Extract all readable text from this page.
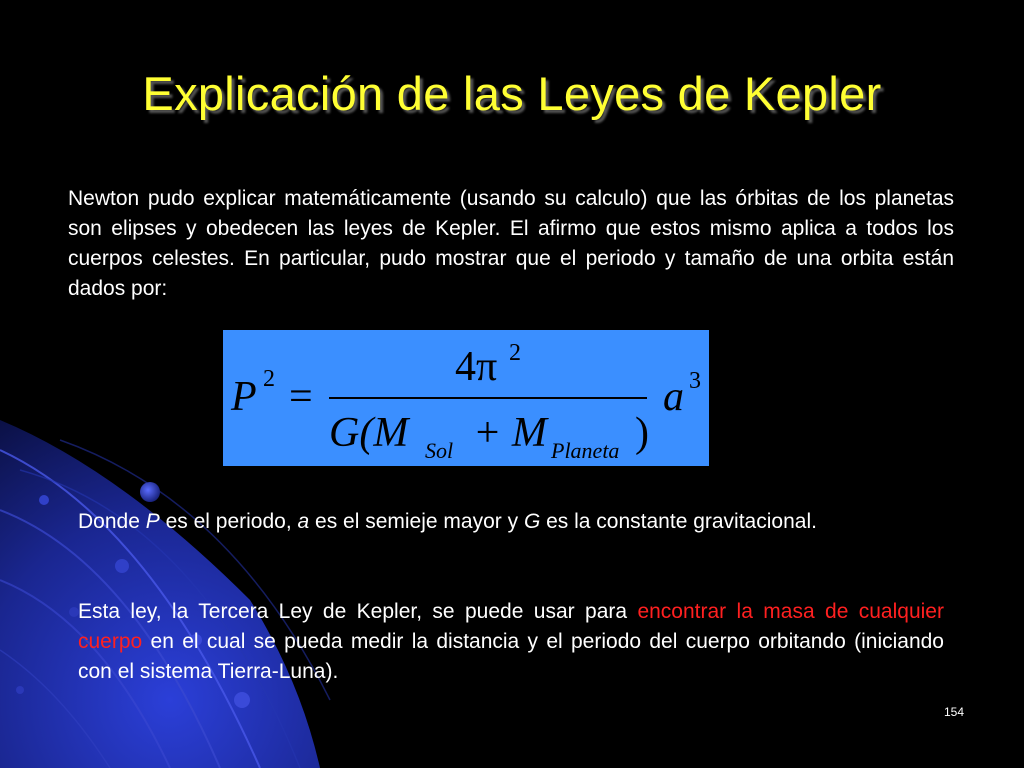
Explicación de las Leyes de Kepler
Newton pudo explicar matemáticamente (usando su calculo) que las órbitas de los planetas son elipses y obedecen las leyes de Kepler. El afirmo que estos mismo aplica a todos los cuerpos celestes. En particular, pudo mostrar que el periodo y tamaño de una orbita están dados por:
P 2 =
4π 2
G(M Sol + M Planeta )
a 3
Donde P es el periodo, a es el semieje mayor y G es la constante gravitacional.
Esta ley, la Tercera Ley de Kepler, se puede usar para encontrar la masa de cualquier cuerpo en el cual se pueda medir la distancia y el periodo del cuerpo orbitando (iniciando con el sistema Tierra-Luna).
154
